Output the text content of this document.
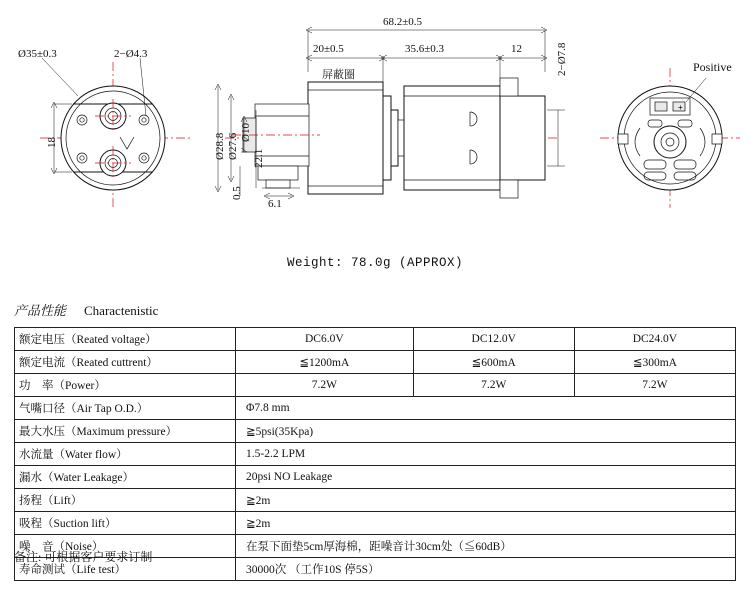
+
Ø35±0.3	2−Ø4.3
18
68.2±0.5
20±0.5	35.6±0.3	12
屏蔽圈
Ø28.8 Ø27.6
Ø10
22.1
0.5
6.1
2−Ø7.8	Positive
Weight: 78.0g (APPROX)
产品性能 Charactenistic
额定电压（Reated voltage）	DC6.0V	DC12.0V	DC24.0V
额定电流（Reated cuttrent）	≦1200mA	≦600mA	≦300mA
功　率（Power）	7.2W	7.2W	7.2W
气嘴口径（Air Tap O.D.）	Φ7.8 mm		
最大水压（Maximum pressure）	≧5psi(35Kpa)		
水流量（Water flow）	1.5-2.2 LPM		
漏水（Water Leakage）	20psi NO Leakage		
扬程（Lift）	≧2m		
吸程（Suction lift）	≧2m		
噪　音（Noise）	在泵下面垫5cm厚海棉，距噪音计30cm处（≦60dB）		
寿命测试（Life test）	30000次 （工作10S 停5S）		
备注: 可根据客户要求订制
